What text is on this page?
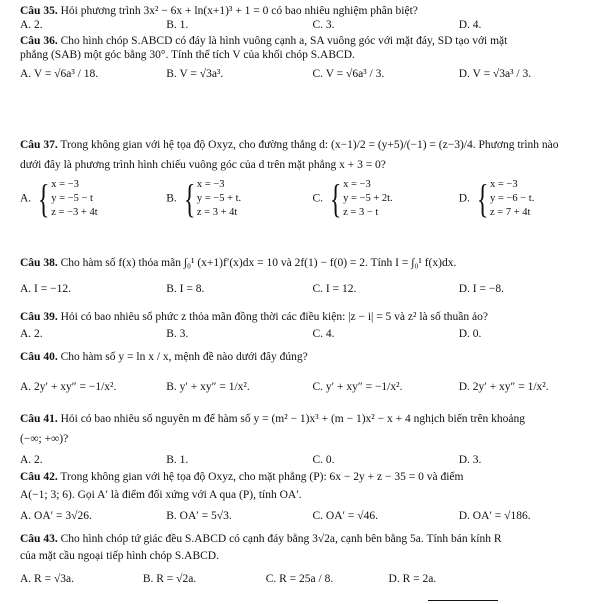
Câu 35. Hỏi phương trình 3x² − 6x + ln(x+1)³ + 1 = 0 có bao nhiêu nghiệm phân biệt?
A. 2.	B. 1.	C. 3.	D. 4.
Câu 36. Cho hình chóp S.ABCD có đáy là hình vuông cạnh a, SA vuông góc với mặt đáy, SD tạo với mặt
phẳng (SAB) một góc bằng 30°. Tính thể tích V của khối chóp S.ABCD.
A. V = √6a³ / 18.	B. V = √3a³.	C. V = √6a³ / 3.	D. V = √3a³ / 3.
Câu 37. Trong không gian với hệ tọa độ Oxyz, cho đường thẳng d: (x−1)/2 = (y+5)/(−1) = (z−3)/4. Phương trình nào
dưới đây là phương trình hình chiếu vuông góc của d trên mặt phẳng x + 3 = 0?
A. { x = −3
y = −5 − t
z = −3 + 4t
B. { x = −3
y = −5 + t.
z = 3 + 4t
C. { x = −3
y = −5 + 2t.
z = 3 − t
D. { x = −3
y = −6 − t.
z = 7 + 4t
Câu 38. Cho hàm số f(x) thỏa mãn ∫₀¹ (x+1)f′(x)dx = 10 và 2f(1) − f(0) = 2. Tính I = ∫₀¹ f(x)dx.
A. I = −12.	B. I = 8.	C. I = 12.	D. I = −8.
Câu 39. Hỏi có bao nhiêu số phức z thỏa mãn đồng thời các điều kiện: |z − i| = 5 và z² là số thuần ảo?
A. 2.	B. 3.	C. 4.	D. 0.
Câu 40. Cho hàm số y = ln x / x, mệnh đề nào dưới đây đúng?
A. 2y′ + xy″ = −1/x².	B. y′ + xy″ = 1/x².	C. y′ + xy″ = −1/x².	D. 2y′ + xy″ = 1/x².
Câu 41. Hỏi có bao nhiêu số nguyên m để hàm số y = (m² − 1)x³ + (m − 1)x² − x + 4 nghịch biến trên khoảng
(−∞; +∞)?
A. 2.	B. 1.	C. 0.	D. 3.
Câu 42. Trong không gian với hệ tọa độ Oxyz, cho mặt phẳng (P): 6x − 2y + z − 35 = 0 và điểm
A(−1; 3; 6). Gọi A′ là điểm đối xứng với A qua (P), tính OA′.
A. OA′ = 3√26.	B. OA′ = 5√3.	C. OA′ = √46.	D. OA′ = √186.
Câu 43. Cho hình chóp tứ giác đều S.ABCD có cạnh đáy bằng 3√2a, cạnh bên bằng 5a. Tính bán kính R
của mặt cầu ngoại tiếp hình chóp S.ABCD.
A. R = √3a.	B. R = √2a.	C. R = 25a / 8.	D. R = 2a.
